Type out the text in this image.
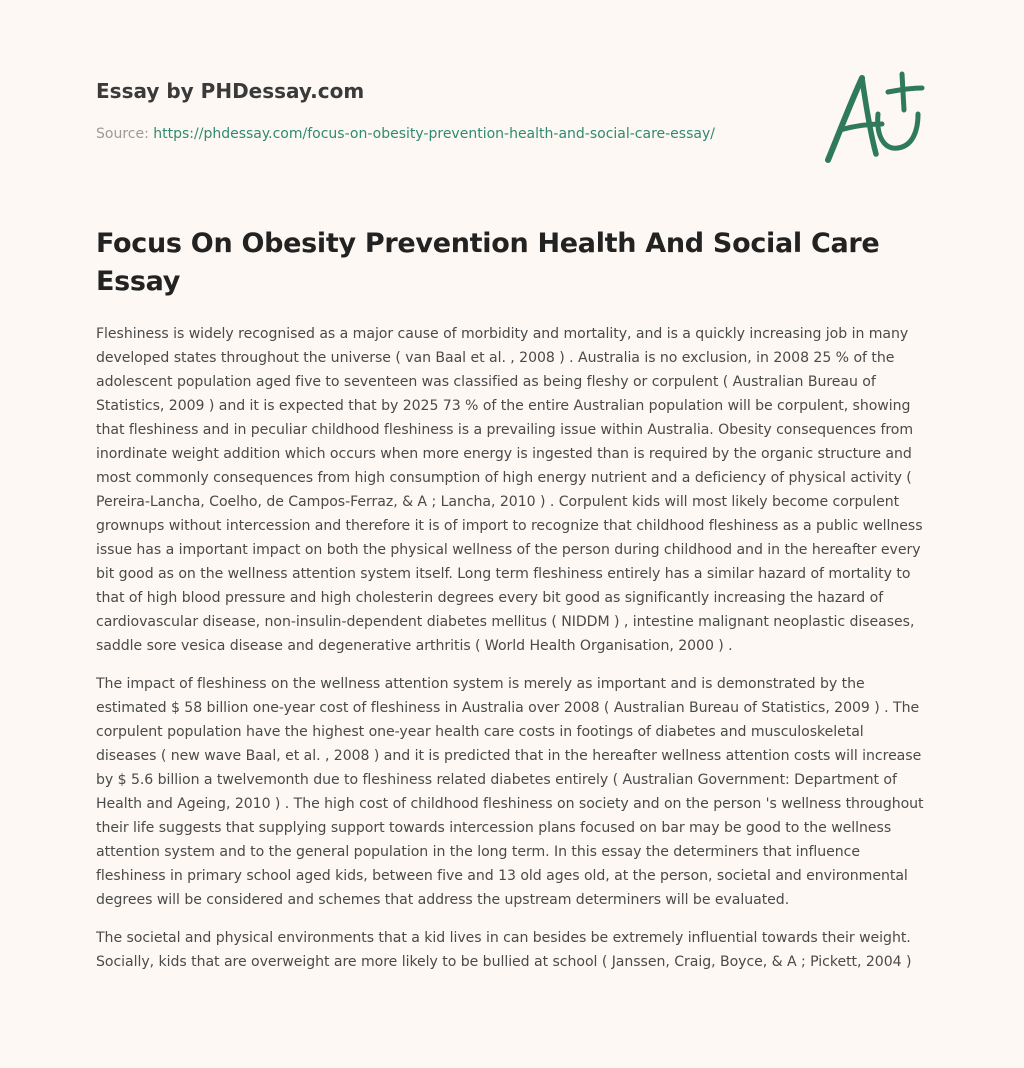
Essay by PHDessay.com
Source: https://phdessay.com/focus-on-obesity-prevention-health-and-social-care-essay/
Focus On Obesity Prevention Health And Social Care Essay

Fleshiness is widely recognised as a major cause of morbidity and mortality, and is a quickly increasing job in many developed states throughout the universe ( van Baal et al. , 2008 ) . Australia is no exclusion, in 2008 25 % of the adolescent population aged five to seventeen was classified as being fleshy or corpulent ( Australian Bureau of Statistics, 2009 ) and it is expected that by 2025 73 % of the entire Australian population will be corpulent, showing that fleshiness and in peculiar childhood fleshiness is a prevailing issue within Australia. Obesity consequences from inordinate weight addition which occurs when more energy is ingested than is required by the organic structure and most commonly consequences from high consumption of high energy nutrient and a deficiency of physical activity ( Pereira-Lancha, Coelho, de Campos-Ferraz, & A ; Lancha, 2010 ) . Corpulent kids will most likely become corpulent grownups without intercession and therefore it is of import to recognize that childhood fleshiness as a public wellness issue has a important impact on both the physical wellness of the person during childhood and in the hereafter every bit good as on the wellness attention system itself. Long term fleshiness entirely has a similar hazard of mortality to that of high blood pressure and high cholesterin degrees every bit good as significantly increasing the hazard of cardiovascular disease, non-insulin-dependent diabetes mellitus ( NIDDM ) , intestine malignant neoplastic diseases, saddle sore vesica disease and degenerative arthritis ( World Health Organisation, 2000 ) .

The impact of fleshiness on the wellness attention system is merely as important and is demonstrated by the estimated $ 58 billion one-year cost of fleshiness in Australia over 2008 ( Australian Bureau of Statistics, 2009 ) . The corpulent population have the highest one-year health care costs in footings of diabetes and musculoskeletal diseases ( new wave Baal, et al. , 2008 ) and it is predicted that in the hereafter wellness attention costs will increase by $ 5.6 billion a twelvemonth due to fleshiness related diabetes entirely ( Australian Government: Department of Health and Ageing, 2010 ) . The high cost of childhood fleshiness on society and on the person 's wellness throughout their life suggests that supplying support towards intercession plans focused on bar may be good to the wellness attention system and to the general population in the long term. In this essay the determiners that influence fleshiness in primary school aged kids, between five and 13 old ages old, at the person, societal and environmental degrees will be considered and schemes that address the upstream determiners will be evaluated.

The societal and physical environments that a kid lives in can besides be extremely influential towards their weight. Socially, kids that are overweight are more likely to be bullied at school ( Janssen, Craig, Boyce, & A ; Pickett, 2004 )
